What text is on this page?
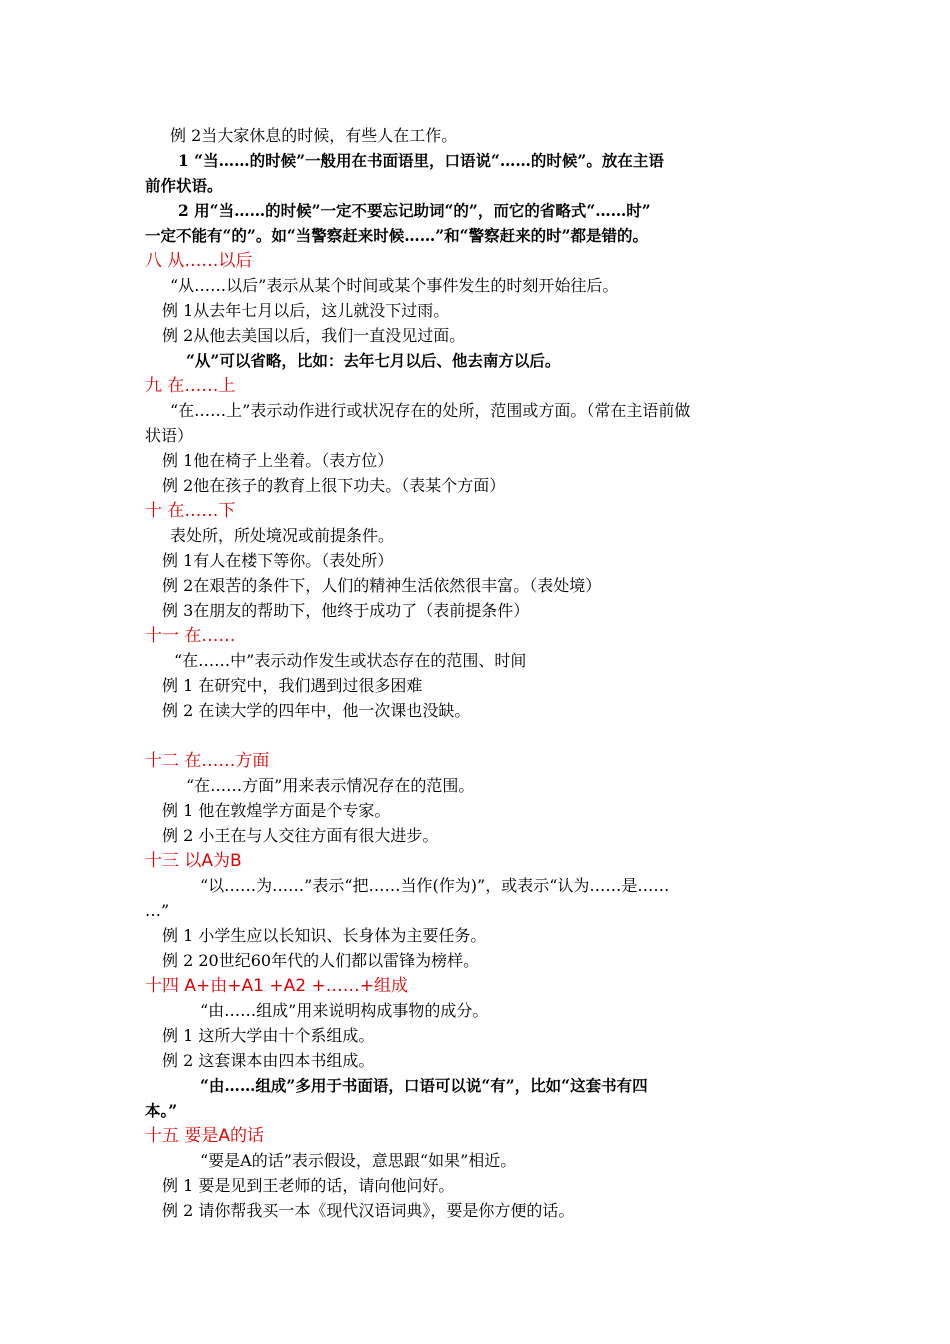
例 2当大家休息的时候，有些人在工作。
1 “当……的时候”一般用在书面语里，口语说“……的时候”。放在主语
前作状语。
2 用“当……的时候”一定不要忘记助词“的”，而它的省略式“……时”
一定不能有“的”。如“当警察赶来时候……”和“警察赶来的时”都是错的。
八 从……以后
“从……以后”表示从某个时间或某个事件发生的时刻开始往后。
例 1从去年七月以后，这儿就没下过雨。
例 2从他去美国以后，我们一直没见过面。
“从”可以省略，比如：去年七月以后、他去南方以后。
九 在……上
“在……上”表示动作进行或状况存在的处所，范围或方面。（常在主语前做
状语）
例 1他在椅子上坐着。（表方位）
例 2他在孩子的教育上很下功夫。（表某个方面）
十 在……下
表处所，所处境况或前提条件。
例 1有人在楼下等你。（表处所）
例 2在艰苦的条件下，人们的精神生活依然很丰富。（表处境）
例 3在朋友的帮助下，他终于成功了（表前提条件）
十一 在……
“在……中”表示动作发生或状态存在的范围、时间
例 1 在研究中，我们遇到过很多困难
例 2 在读大学的四年中，他一次课也没缺。
十二 在……方面
“在……方面”用来表示情况存在的范围。
例 1 他在敦煌学方面是个专家。
例 2 小王在与人交往方面有很大进步。
十三 以A为B
“以……为……”表示“把……当作(作为)”，或表示“认为……是……
…”
例 1 小学生应以长知识、长身体为主要任务。
例 2 20世纪60年代的人们都以雷锋为榜样。
十四 A+由+A1 +A2 +……+组成
“由……组成”用来说明构成事物的成分。
例 1 这所大学由十个系组成。
例 2 这套课本由四本书组成。
“由……组成”多用于书面语，口语可以说“有”，比如“这套书有四
本。”
十五 要是A的话
“要是A的话”表示假设，意思跟“如果”相近。
例 1 要是见到王老师的话，请向他问好。
例 2 请你帮我买一本《现代汉语词典》，要是你方便的话。
